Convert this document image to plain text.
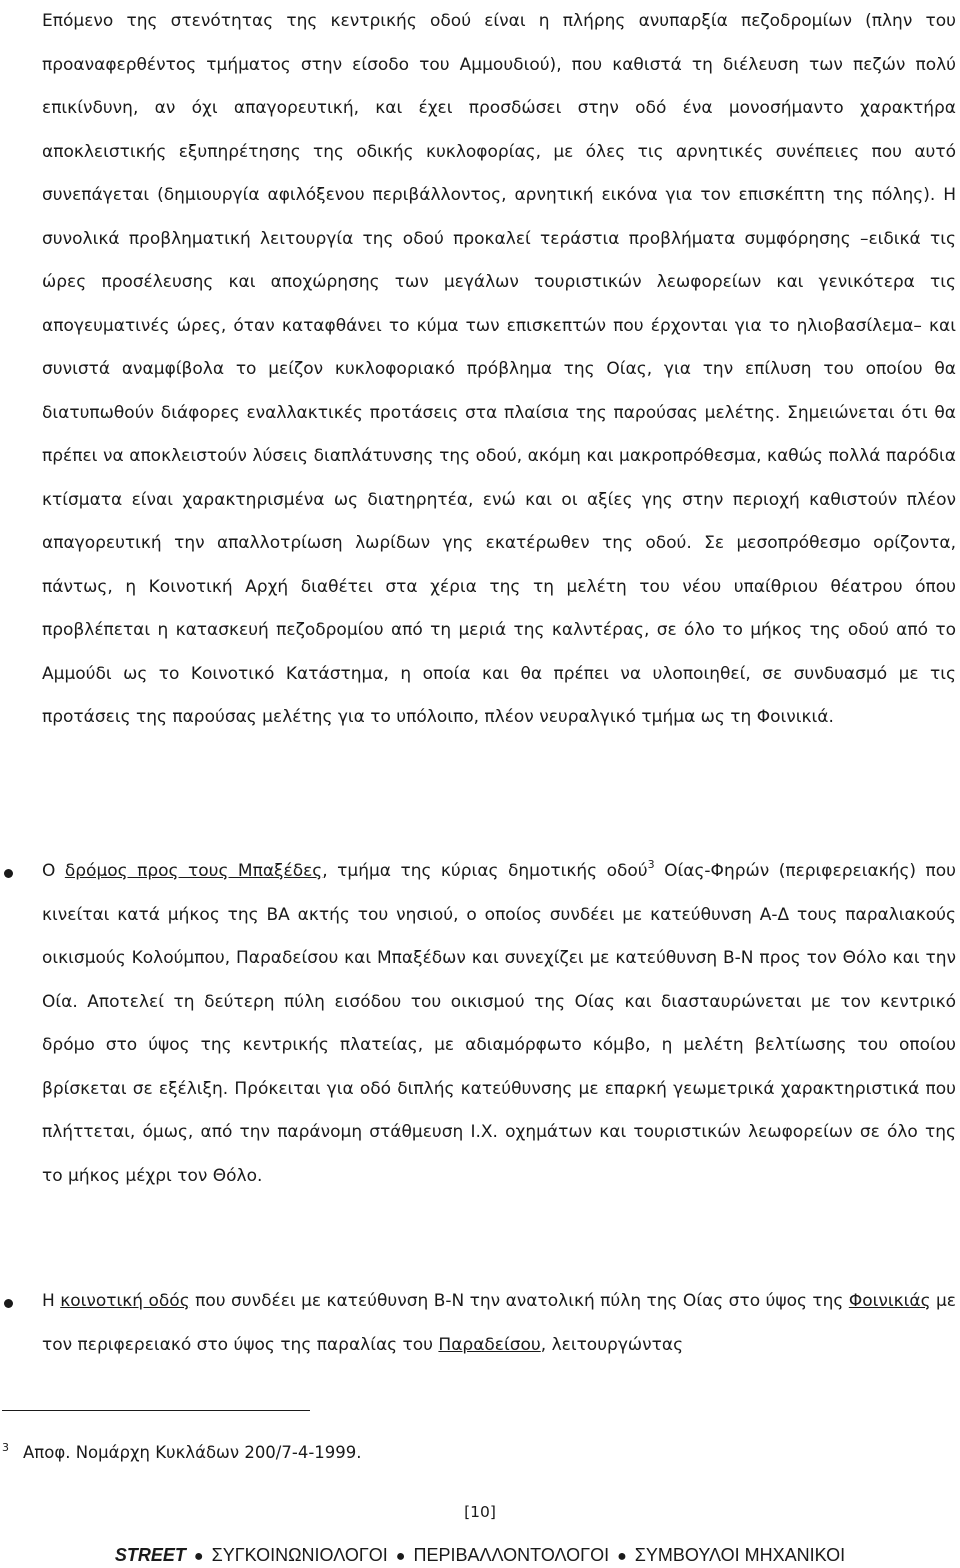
Επόμενο της στενότητας της κεντρικής οδού είναι η πλήρης ανυπαρξία πεζοδρομίων (πλην του προαναφερθέντος τμήματος στην είσοδο του Αμμουδιού), που καθιστά τη διέλευση των πεζών πολύ επικίνδυνη, αν όχι απαγορευτική, και έχει προσδώσει στην οδό ένα μονοσήμαντο χαρακτήρα αποκλειστικής εξυπηρέτησης της οδικής κυκλοφορίας, με όλες τις αρνητικές συνέπειες που αυτό συνεπάγεται (δημιουργία αφιλόξενου περιβάλλοντος, αρνητική εικόνα για τον επισκέπτη της πόλης). Η συνολικά προβληματική λειτουργία της οδού προκαλεί τεράστια προβλήματα συμφόρησης –ειδικά τις ώρες προσέλευσης και αποχώρησης των μεγάλων τουριστικών λεωφορείων και γενικότερα τις απογευματινές ώρες, όταν καταφθάνει το κύμα των επισκεπτών που έρχονται για το ηλιοβασίλεμα– και συνιστά αναμφίβολα το μείζον κυκλοφοριακό πρόβλημα της Οίας, για την επίλυση του οποίου θα διατυπωθούν διάφορες εναλλακτικές προτάσεις στα πλαίσια της παρούσας μελέτης. Σημειώνεται ότι θα πρέπει να αποκλειστούν λύσεις διαπλάτυνσης της οδού, ακόμη και μακροπρόθεσμα, καθώς πολλά παρόδια κτίσματα είναι χαρακτηρισμένα ως διατηρητέα, ενώ και οι αξίες γης στην περιοχή καθιστούν πλέον απαγορευτική την απαλλοτρίωση λωρίδων γης εκατέρωθεν της οδού. Σε μεσοπρόθεσμο ορίζοντα, πάντως, η Κοινοτική Αρχή διαθέτει στα χέρια της τη μελέτη του νέου υπαίθριου θέατρου όπου προβλέπεται η κατασκευή πεζοδρομίου από τη μεριά της καλντέρας, σε όλο το μήκος της οδού από το Αμμούδι ως το Κοινοτικό Κατάστημα, η οποία και θα πρέπει να υλοποιηθεί, σε συνδυασμό με τις προτάσεις της παρούσας μελέτης για το υπόλοιπο, πλέον νευραλγικό τμήμα ως τη Φοινικιά.

Ο δρόμος προς τους Μπαξέδες, τμήμα της κύριας δημοτικής οδού$^3$ Οίας-Φηρών (περιφερειακής) που κινείται κατά μήκος της ΒΑ ακτής του νησιού, ο οποίος συνδέει με κατεύθυνση Α-Δ τους παραλιακούς οικισμούς Κολούμπου, Παραδείσου και Μπαξέδων και συνεχίζει με κατεύθυνση Β-Ν προς τον Θόλο και την Οία. Αποτελεί τη δεύτερη πύλη εισόδου του οικισμού της Οίας και διασταυρώνεται με τον κεντρικό δρόμο στο ύψος της κεντρικής πλατείας, με αδιαμόρφωτο κόμβο, η μελέτη βελτίωσης του οποίου βρίσκεται σε εξέλιξη. Πρόκειται για οδό διπλής κατεύθυνσης με επαρκή γεωμετρικά χαρακτηριστικά που πλήττεται, όμως, από την παράνομη στάθμευση Ι.Χ. οχημάτων και τουριστικών λεωφορείων σε όλο της το μήκος μέχρι τον Θόλο.

Η κοινοτική οδός που συνδέει με κατεύθυνση Β-Ν την ανατολική πύλη της Οίας στο ύψος της Φοινικιάς με τον περιφερειακό στο ύψος της παραλίας του Παραδείσου, λειτουργώντας

$^3$ Αποφ. Νομάρχη Κυκλάδων 200/7-4-1999.
[10]
STREET ● ΣΥΓΚΟΙΝΩΝΙΟΛΟΓΟΙ ● ΠΕΡΙΒΑΛΛΟΝΤΟΛΟΓΟΙ ● ΣΥΜΒΟΥΛΟΙ ΜΗΧΑΝΙΚΟΙ
